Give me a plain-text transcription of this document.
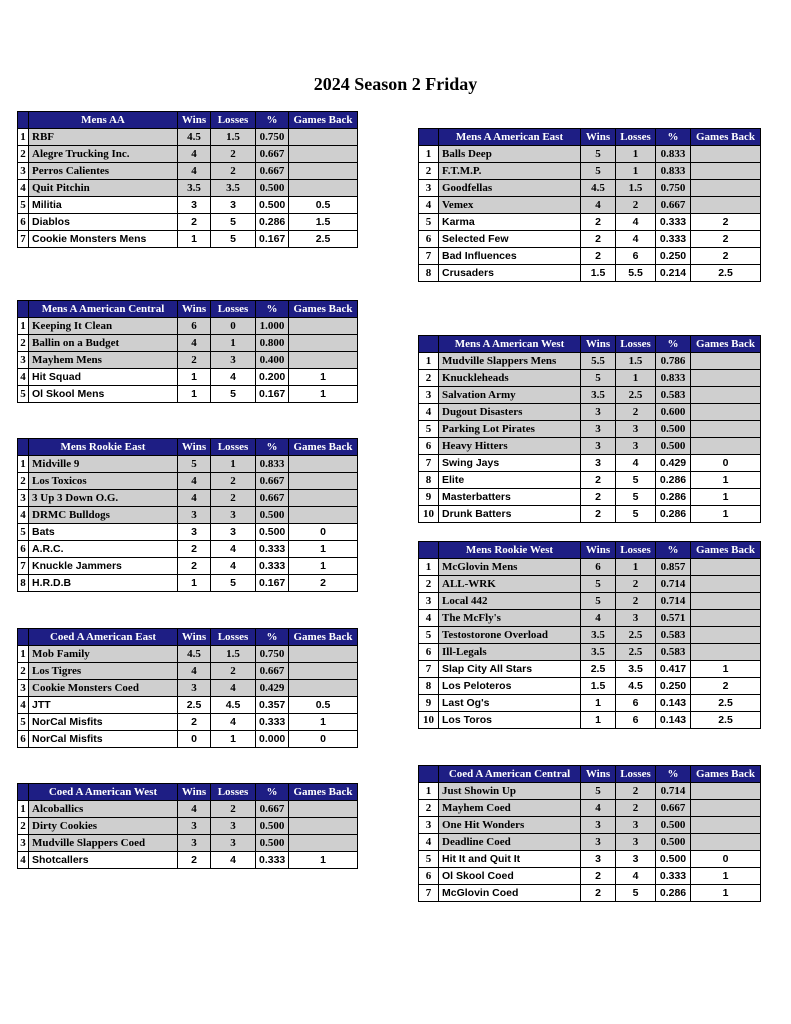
2024 Season 2 Friday
	Mens AA	Wins	Losses	%	Games Back
1	RBF	4.5	1.5	0.750	
2	Alegre Trucking Inc.	4	2	0.667	
3	Perros Calientes	4	2	0.667	
4	Quit Pitchin	3.5	3.5	0.500	
5	Militia	3	3	0.500	0.5
6	Diablos	2	5	0.286	1.5
7	Cookie Monsters Mens	1	5	0.167	2.5
	Mens A American Central	Wins	Losses	%	Games Back
1	Keeping It Clean	6	0	1.000	
2	Ballin on a Budget	4	1	0.800	
3	Mayhem Mens	2	3	0.400	
4	Hit Squad	1	4	0.200	1
5	Ol Skool Mens	1	5	0.167	1
	Mens Rookie East	Wins	Losses	%	Games Back
1	Midville 9	5	1	0.833	
2	Los Toxicos	4	2	0.667	
3	3 Up 3 Down O.G.	4	2	0.667	
4	DRMC Bulldogs	3	3	0.500	
5	Bats	3	3	0.500	0
6	A.R.C.	2	4	0.333	1
7	Knuckle Jammers	2	4	0.333	1
8	H.R.D.B	1	5	0.167	2
	Coed A American East	Wins	Losses	%	Games Back
1	Mob Family	4.5	1.5	0.750	
2	Los Tigres	4	2	0.667	
3	Cookie Monsters Coed	3	4	0.429	
4	JTT	2.5	4.5	0.357	0.5
5	NorCal Misfits	2	4	0.333	1
6	NorCal Misfits	0	1	0.000	0
	Coed A American West	Wins	Losses	%	Games Back
1	Alcoballics	4	2	0.667	
2	Dirty Cookies	3	3	0.500	
3	Mudville Slappers Coed	3	3	0.500	
4	Shotcallers	2	4	0.333	1
	Mens A American East	Wins	Losses	%	Games Back
1	Balls Deep	5	1	0.833	
2	F.T.M.P.	5	1	0.833	
3	Goodfellas	4.5	1.5	0.750	
4	Vemex	4	2	0.667	
5	Karma	2	4	0.333	2
6	Selected Few	2	4	0.333	2
7	Bad Influences	2	6	0.250	2
8	Crusaders	1.5	5.5	0.214	2.5
	Mens A American West	Wins	Losses	%	Games Back
1	Mudville Slappers Mens	5.5	1.5	0.786	
2	Knuckleheads	5	1	0.833	
3	Salvation Army	3.5	2.5	0.583	
4	Dugout Disasters	3	2	0.600	
5	Parking Lot Pirates	3	3	0.500	
6	Heavy Hitters	3	3	0.500	
7	Swing Jays	3	4	0.429	0
8	Elite	2	5	0.286	1
9	Masterbatters	2	5	0.286	1
10	Drunk Batters	2	5	0.286	1
	Mens Rookie West	Wins	Losses	%	Games Back
1	McGlovin Mens	6	1	0.857	
2	ALL-WRK	5	2	0.714	
3	Local 442	5	2	0.714	
4	The McFly's	4	3	0.571	
5	Testostorone Overload	3.5	2.5	0.583	
6	Ill-Legals	3.5	2.5	0.583	
7	Slap City All Stars	2.5	3.5	0.417	1
8	Los Peloteros	1.5	4.5	0.250	2
9	Last Og's	1	6	0.143	2.5
10	Los Toros	1	6	0.143	2.5
	Coed A American Central	Wins	Losses	%	Games Back
1	Just Showin Up	5	2	0.714	
2	Mayhem Coed	4	2	0.667	
3	One Hit Wonders	3	3	0.500	
4	Deadline Coed	3	3	0.500	
5	Hit It and Quit It	3	3	0.500	0
6	Ol Skool Coed	2	4	0.333	1
7	McGlovin Coed	2	5	0.286	1
